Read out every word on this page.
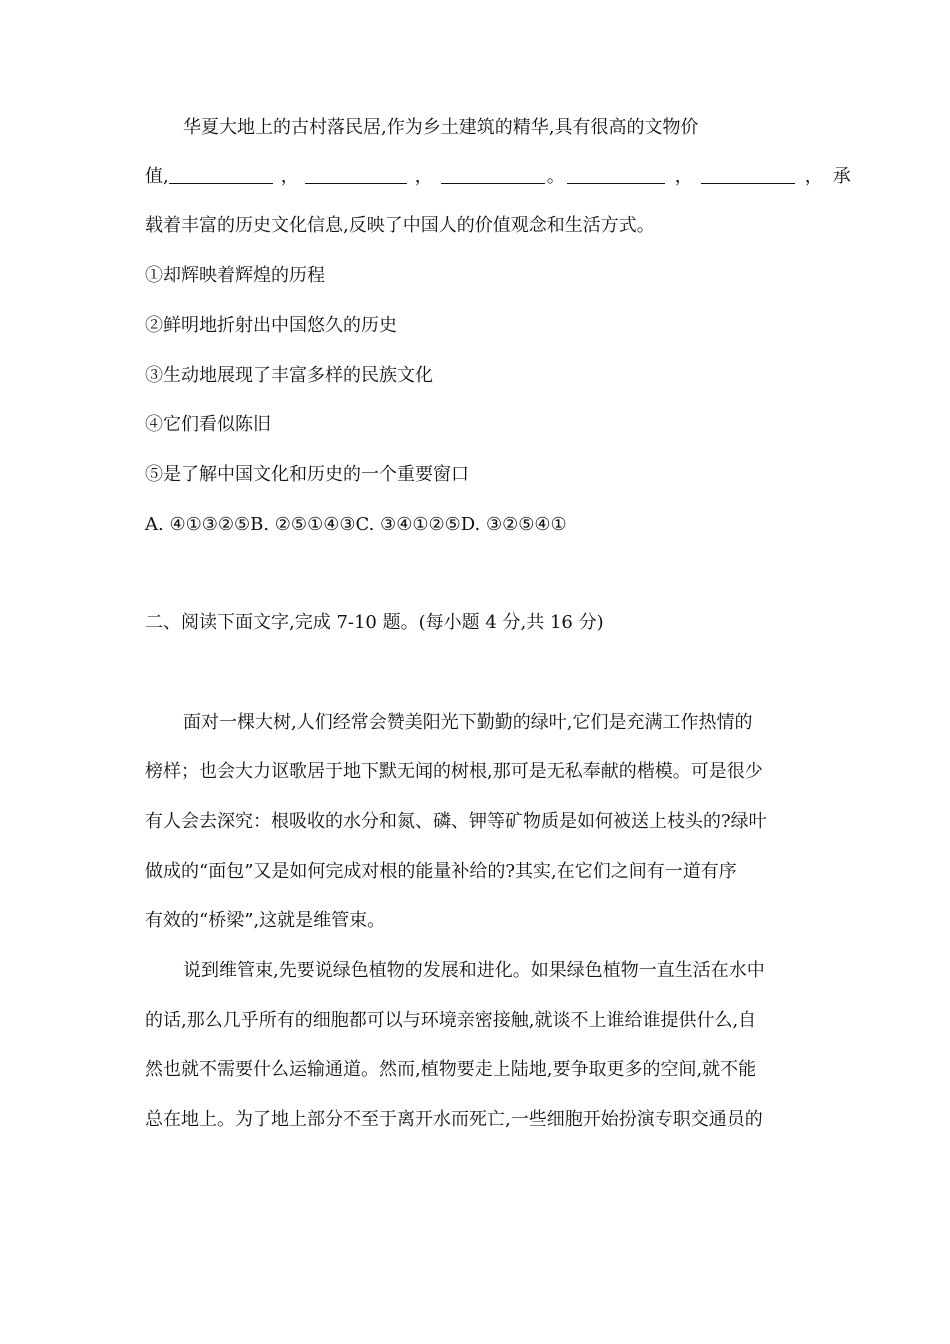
华夏大地上的古村落民居,作为乡土建筑的精华,具有很高的文物价
值,	，	，	。	，	， 承
载着丰富的历史文化信息,反映了中国人的价值观念和生活方式。
①却辉映着辉煌的历程
②鲜明地折射出中国悠久的历史
③生动地展现了丰富多样的民族文化
④它们看似陈旧
⑤是了解中国文化和历史的一个重要窗口
A. ④①③②⑤B. ②⑤①④③C. ③④①②⑤D. ③②⑤④①
二、阅读下面文字,完成 7-10 题。(每小题 4 分,共 16 分)
面对一棵大树,人们经常会赞美阳光下勤勤的绿叶,它们是充满工作热情的
榜样；也会大力讴歌居于地下默无闻的树根,那可是无私奉献的楷模。可是很少
有人会去深究：根吸收的水分和氮、磷、钾等矿物质是如何被送上枝头的?绿叶
做成的“面包”又是如何完成对根的能量补给的?其实,在它们之间有一道有序
有效的“桥梁”,这就是维管束。
说到维管束,先要说绿色植物的发展和进化。如果绿色植物一直生活在水中
的话,那么几乎所有的细胞都可以与环境亲密接触,就谈不上谁给谁提供什么,自
然也就不需要什么运输通道。然而,植物要走上陆地,要争取更多的空间,就不能
总在地上。为了地上部分不至于离开水而死亡,一些细胞开始扮演专职交通员的
